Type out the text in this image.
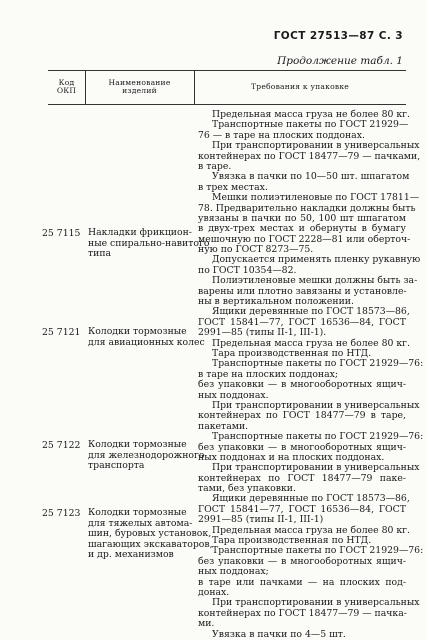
ГОСТ 27513—87 С. 3
Продолжение табл. 1
Код
ОКП
Наименование
изделий	Требования к упаковке
25 7115 Накладки фрикцион-
ные спирально-навитого
типа
25 7121 Колодки тормозные
для авиационных колес
25 7122 Колодки тормозные
для железнодорожного
транспорта
25 7123 Колодки тормозные
для тяжелых автома-
шин, буровых установок,
шагающих экскаваторов,
и др. механизмов
Предельная масса груза не более 80 кг.
Транспортные пакеты по ГОСТ 21929—
76 — в таре на плоских поддонах.
При транспортировании в универсальных
контейнерах по ГОСТ 18477—79 — пачками,
в таре.
Увязка в пачки по 10—50 шт. шпагатом
в трех местах.
Мешки полиэтиленовые по ГОСТ 17811—
78. Предварительно накладки должны быть
увязаны в пачки по 50, 100 шт шпагатом
в двух-трех местах и обернуты в бумагу
мешочную по ГОСТ 2228—81 или оберточ-
ную по ГОСТ 8273—75.
Допускается применять пленку рукавную
по ГОСТ 10354—82.
Полиэтиленовые мешки должны быть за-
варены или плотно завязаны и установле-
ны в вертикальном положении.
Ящики деревянные по ГОСТ 18573—86,
ГОСТ 15841—77, ГОСТ 16536—84, ГОСТ
2991—85 (типы II-1, III-1).
Предельная масса груза не более 80 кг.
Тара производственная по НТД.
Транспортные пакеты по ГОСТ 21929—76:
в таре на плоских поддонах;
без упаковки — в многооборотных ящич-
ных поддонах.
При транспортировании в универсальных
контейнерах по ГОСТ 18477—79 в таре,
пакетами.
Транспортные пакеты по ГОСТ 21929—76:
без упаковки — в многооборотных ящич-
ных поддонах и на плоских поддонах.
При транспортировании в универсальных
контейнерах по ГОСТ 18477—79 паке-
тами, без упаковки.
Ящики деревянные по ГОСТ 18573—86,
ГОСТ 15841—77, ГОСТ 16536—84, ГОСТ
2991—85 (типы II-1, III-1)
Предельная масса груза не более 80 кг.
Тара производственная по НТД.
Транспортные пакеты по ГОСТ 21929—76:
без упаковки — в многооборотных ящич-
ных поддонах;
в таре или пачками — на плоских под-
донах.
При транспортировании в универсальных
контейнерах по ГОСТ 18477—79 — пачка-
ми.
Увязка в пачки по 4—5 шт.
